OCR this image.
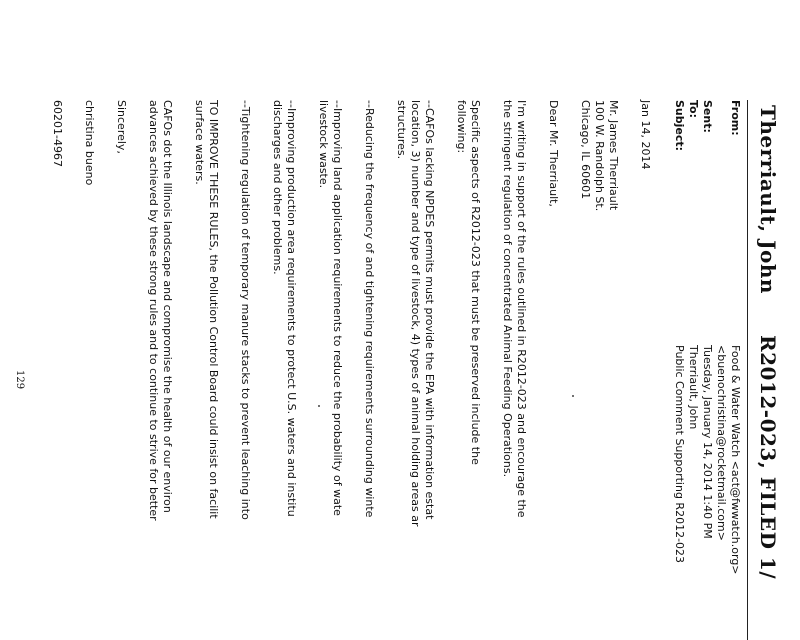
Therriault, John
R2012-023, FILED 1/
From:
Food & Water Watch <act@fwwatch.org>
<buenochristina@rocketmail.com>
Sent:
Tuesday, January 14, 2014 1:40 PM
To:
Therriault, John
Subject:
Public Comment Supporting R2012-023

Jan 14, 2014

Mr. James Therriault

100 W. Randolph St.

Chicago, IL 60601

Dear Mr. Therriault,

I'm writing in support of the rules outlined in R2012-023 and encourage the

the stringent regulation of concentrated Animal Feeding Operations.

Specific aspects of R2012-023 that must be preserved include the

following:

--CAFOs lacking NPDES permits must provide the EPA with information estat

location, 3) number and type of livestock, 4) types of animal holding areas ar

structures.

--Reducing the frequency of and tightening requirements surrounding winte

--Improving land application requirements to reduce the probability of wate

livestock waste.

--Improving production area requirements to protect U.S. waters and institu

discharges and other problems.

--Tightening regulation of temporary manure stacks to prevent leaching into

TO IMPROVE THESE RULES, the Pollution Control Board could insist on facilit

surface waters.

CAFOs dot the Illinois landscape and compromise the health of our environ

advances achieved by these strong rules and to continue to strive for better

Sincerely,

christina bueno

60201-4967

129
